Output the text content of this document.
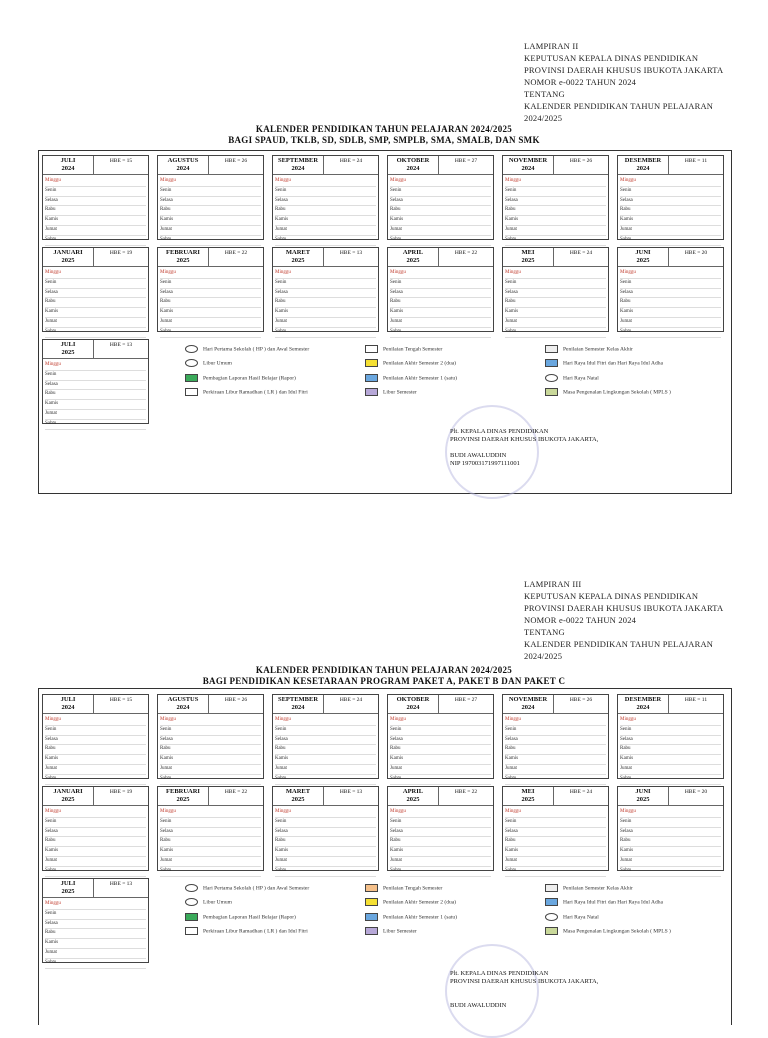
LAMPIRAN II
KEPUTUSAN KEPALA DINAS PENDIDIKAN
PROVINSI DAERAH KHUSUS IBUKOTA JAKARTA
NOMOR e-0022 TAHUN 2024
TENTANG
KALENDER PENDIDIKAN TAHUN PELAJARAN
2024/2025
KALENDER PENDIDIKAN TAHUN PELAJARAN 2024/2025
BAGI SPAUD, TKLB, SD, SDLB, SMP, SMPLB, SMA, SMALB, DAN SMK
JULI
2024
HBE = 15
Minggu
Senin
Selasa
Rabu
Kamis
Jumat
Sabtu
AGUSTUS
2024
HBE = 26
Minggu
Senin
Selasa
Rabu
Kamis
Jumat
Sabtu
SEPTEMBER
2024
HBE = 24
Minggu
Senin
Selasa
Rabu
Kamis
Jumat
Sabtu
OKTOBER
2024
HBE = 27
Minggu
Senin
Selasa
Rabu
Kamis
Jumat
Sabtu
NOVEMBER
2024
HBE = 26
Minggu
Senin
Selasa
Rabu
Kamis
Jumat
Sabtu
DESEMBER
2024
HBE = 11
Minggu
Senin
Selasa
Rabu
Kamis
Jumat
Sabtu
JANUARI
2025
HBE = 19
Minggu
Senin
Selasa
Rabu
Kamis
Jumat
Sabtu
FEBRUARI
2025
HBE = 22
Minggu
Senin
Selasa
Rabu
Kamis
Jumat
Sabtu
MARET
2025
HBE = 13
Minggu
Senin
Selasa
Rabu
Kamis
Jumat
Sabtu
APRIL
2025
HBE = 22
Minggu
Senin
Selasa
Rabu
Kamis
Jumat
Sabtu
MEI
2025
HBE = 24
Minggu
Senin
Selasa
Rabu
Kamis
Jumat
Sabtu
JUNI
2025
HBE = 20
Minggu
Senin
Selasa
Rabu
Kamis
Jumat
Sabtu
JULI
2025
HBE = 13
Minggu
Senin
Selasa
Rabu
Kamis
Jumat
Sabtu
Hari Pertama Sekolah ( HP ) dan Awal Semester	Penilaian Tengah Semester	Penilaian Semester Kelas Akhir
Libur Umum	Penilaian Akhir Semester 2 (dua)	Hari Raya Idul Fitri dan Hari Raya Idul Adha
Pembagian Laporan Hasil Belajar (Rapor)	Penilaian Akhir Semester 1 (satu)	Hari Raya Natal
Perkiraan Libur Ramadhan ( LR ) dan Idul Fitri	Libur Semester	Masa Pengenalan Lingkungan Sekolah ( MPLS )
Plt. KEPALA DINAS PENDIDIKAN
PROVINSI DAERAH KHUSUS IBUKOTA JAKARTA,
BUDI AWALUDDIN
NIP 197003171997111001
LAMPIRAN III
KEPUTUSAN KEPALA DINAS PENDIDIKAN
PROVINSI DAERAH KHUSUS IBUKOTA JAKARTA
NOMOR e-0022 TAHUN 2024
TENTANG
KALENDER PENDIDIKAN TAHUN PELAJARAN
2024/2025
KALENDER PENDIDIKAN TAHUN PELAJARAN 2024/2025
BAGI PENDIDIKAN KESETARAAN PROGRAM PAKET A, PAKET B DAN PAKET C
JULI
2024
HBE = 15
Minggu
Senin
Selasa
Rabu
Kamis
Jumat
Sabtu
AGUSTUS
2024
HBE = 26
Minggu
Senin
Selasa
Rabu
Kamis
Jumat
Sabtu
SEPTEMBER
2024
HBE = 24
Minggu
Senin
Selasa
Rabu
Kamis
Jumat
Sabtu
OKTOBER
2024
HBE = 27
Minggu
Senin
Selasa
Rabu
Kamis
Jumat
Sabtu
NOVEMBER
2024
HBE = 26
Minggu
Senin
Selasa
Rabu
Kamis
Jumat
Sabtu
DESEMBER
2024
HBE = 11
Minggu
Senin
Selasa
Rabu
Kamis
Jumat
Sabtu
JANUARI
2025
HBE = 19
Minggu
Senin
Selasa
Rabu
Kamis
Jumat
Sabtu
FEBRUARI
2025
HBE = 22
Minggu
Senin
Selasa
Rabu
Kamis
Jumat
Sabtu
MARET
2025
HBE = 13
Minggu
Senin
Selasa
Rabu
Kamis
Jumat
Sabtu
APRIL
2025
HBE = 22
Minggu
Senin
Selasa
Rabu
Kamis
Jumat
Sabtu
MEI
2025
HBE = 24
Minggu
Senin
Selasa
Rabu
Kamis
Jumat
Sabtu
JUNI
2025
HBE = 20
Minggu
Senin
Selasa
Rabu
Kamis
Jumat
Sabtu
JULI
2025
HBE = 13
Minggu
Senin
Selasa
Rabu
Kamis
Jumat
Sabtu
Hari Pertama Sekolah ( HP ) dan Awal Semester	Penilaian Tengah Semester	Penilaian Semester Kelas Akhir
Libur Umum	Penilaian Akhir Semester 2 (dua)	Hari Raya Idul Fitri dan Hari Raya Idul Adha
Pembagian Laporan Hasil Belajar (Rapor)	Penilaian Akhir Semester 1 (satu)	Hari Raya Natal
Perkiraan Libur Ramadhan ( LR ) dan Idul Fitri	Libur Semester	Masa Pengenalan Lingkungan Sekolah ( MPLS )
Plt. KEPALA DINAS PENDIDIKAN
PROVINSI DAERAH KHUSUS IBUKOTA JAKARTA,
BUDI AWALUDDIN
